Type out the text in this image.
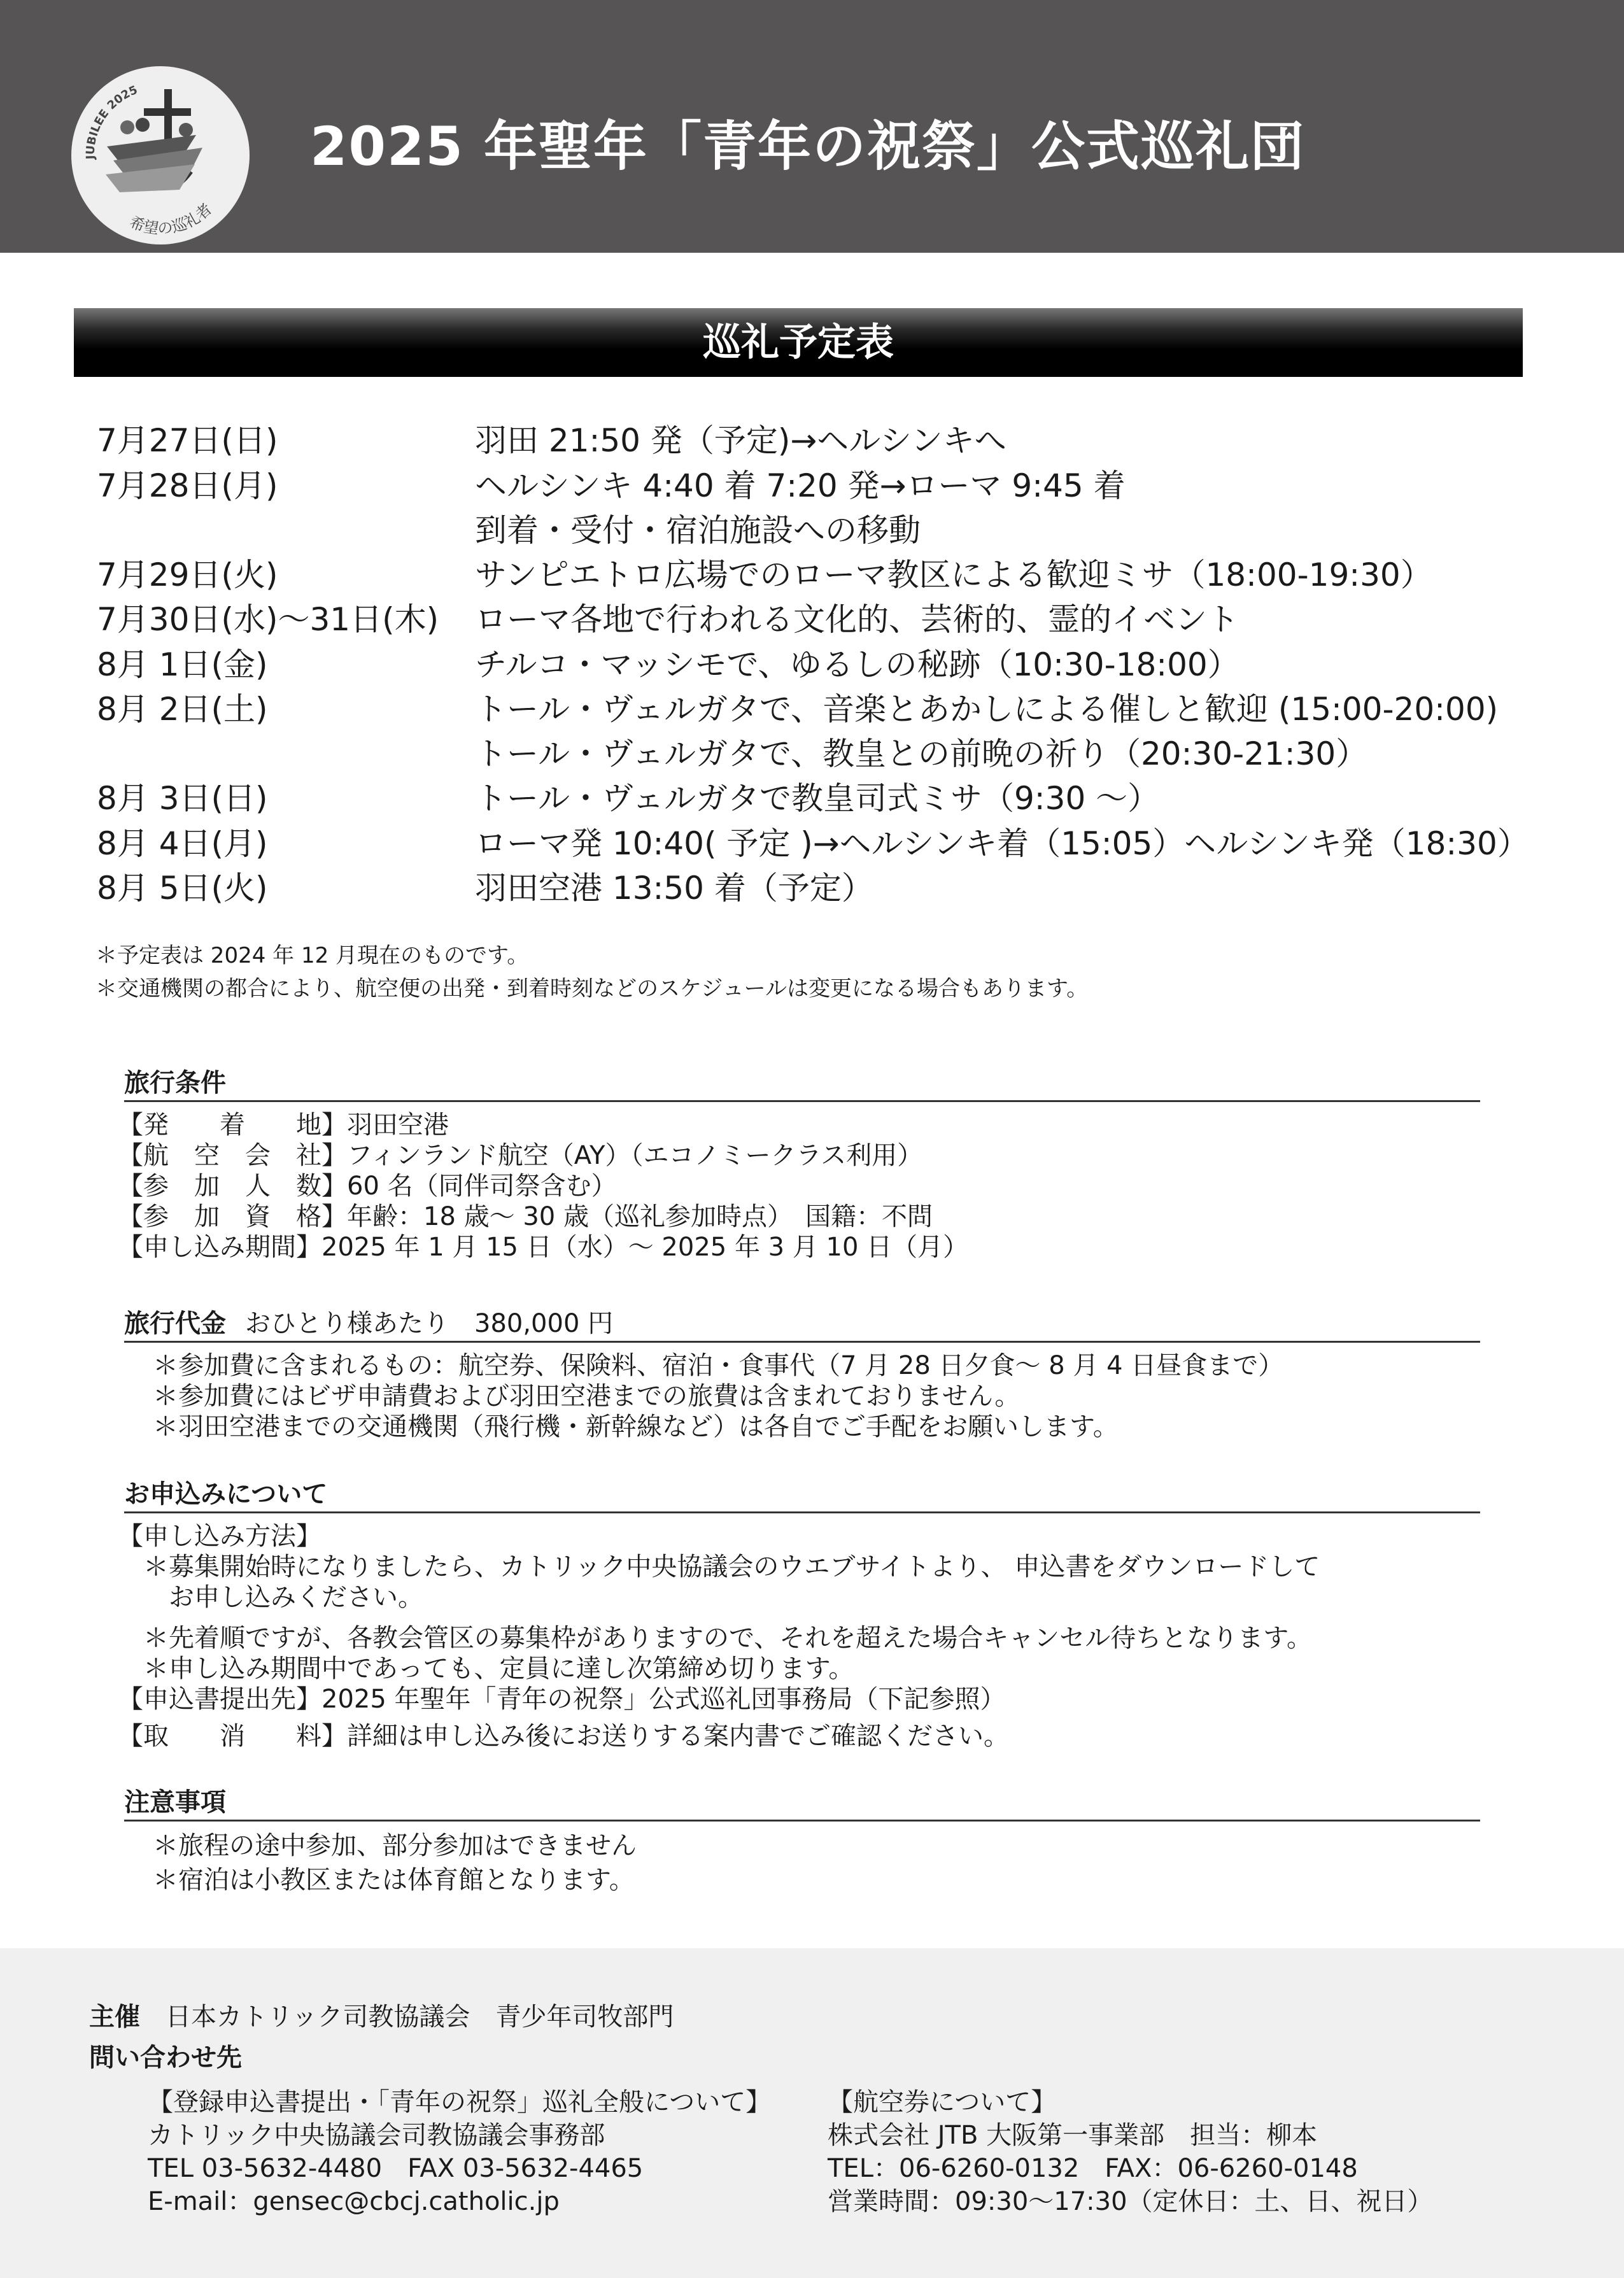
JUBILEE 2025
希望の巡礼者
2025 年聖年「青年の祝祭」公式巡礼団
巡礼予定表
7月27日(日)	羽田 21:50 発（予定)→ヘルシンキへ
7月28日(月)	ヘルシンキ 4:40 着 7:20 発→ローマ 9:45 着
到着・受付・宿泊施設への移動
7月29日(火)	サンピエトロ広場でのローマ教区による歓迎ミサ（18:00-19:30）
7月30日(水)～31日(木) ローマ各地で行われる文化的、芸術的、霊的イベント
8月 1日(金)	チルコ・マッシモで、ゆるしの秘跡（10:30-18:00）
8月 2日(土)	トール・ヴェルガタで、音楽とあかしによる催しと歓迎 (15:00-20:00)
トール・ヴェルガタで、教皇との前晩の祈り（20:30-21:30）
8月 3日(日)	トール・ヴェルガタで教皇司式ミサ（9:30 ～）
8月 4日(月)	ローマ発 10:40( 予定 )→ヘルシンキ着（15:05）ヘルシンキ発（18:30）
8月 5日(火)	羽田空港 13:50 着（予定）
＊予定表は 2024 年 12 月現在のものです。
＊交通機関の都合により、航空便の出発・到着時刻などのスケジュールは変更になる場合もあります。
旅行条件
【発　　着　　地】羽田空港
【航　空　会　社】フィンランド航空（AY）（エコノミークラス利用）
【参　加　人　数】60 名（同伴司祭含む）
【参　加　資　格】年齢：18 歳～ 30 歳（巡礼参加時点）　国籍：不問
【申し込み期間】2025 年 1 月 15 日（水）～ 2025 年 3 月 10 日（月）
旅行代金 おひとり様あたり　380,000 円
＊参加費に含まれるもの：航空券、保険料、宿泊・食事代（7 月 28 日夕食～ 8 月 4 日昼食まで）
＊参加費にはビザ申請費および羽田空港までの旅費は含まれておりません。
＊羽田空港までの交通機関（飛行機・新幹線など）は各自でご手配をお願いします。
お申込みについて
【申し込み方法】
　＊募集開始時になりましたら、カトリック中央協議会のウエブサイトより、 申込書をダウンロードして
　　お申し込みください。
　＊先着順ですが、各教会管区の募集枠がありますので、それを超えた場合キャンセル待ちとなります。
　＊申し込み期間中であっても、定員に達し次第締め切ります。
【申込書提出先】2025 年聖年「青年の祝祭」公式巡礼団事務局（下記参照）
【取　　消　　料】詳細は申し込み後にお送りする案内書でご確認ください。
注意事項
＊旅程の途中参加、部分参加はできません
＊宿泊は小教区または体育館となります。
主催 日本カトリック司教協議会　青少年司牧部門
問い合わせ先
【登録申込書提出・「青年の祝祭」巡礼全般について】
カトリック中央協議会司教協議会事務部
TEL 03-5632-4480　FAX 03-5632-4465
E-mail：gensec@cbcj.catholic.jp
【航空券について】
株式会社 JTB 大阪第一事業部　担当：柳本
TEL：06-6260-0132　FAX：06-6260-0148
営業時間：09:30～17:30（定休日：土、日、祝日）
